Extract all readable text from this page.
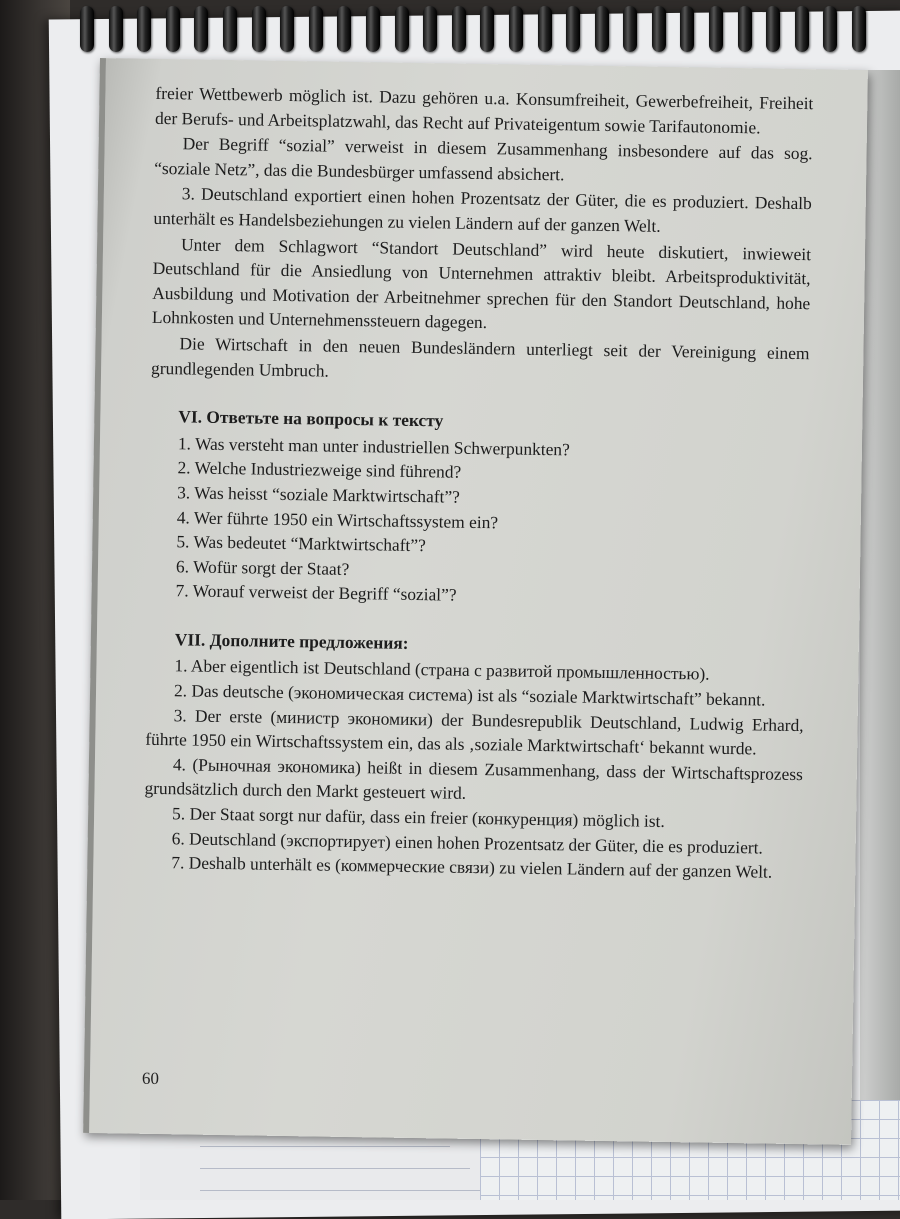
freier Wettbewerb möglich ist. Dazu gehören u.a. Konsumfreiheit, Gewerbefreiheit, Freiheit der Berufs- und Arbeitsplatzwahl, das Recht auf Privateigentum sowie Tarifautonomie.

Der Begriff “sozial” verweist in diesem Zusammenhang insbesondere auf das sog. “soziale Netz”, das die Bundesbürger umfassend absichert.

3. Deutschland exportiert einen hohen Prozentsatz der Güter, die es produziert. Deshalb unterhält es Handelsbeziehungen zu vielen Ländern auf der ganzen Welt.

Unter dem Schlagwort “Standort Deutschland” wird heute diskutiert, inwieweit Deutschland für die Ansiedlung von Unternehmen attraktiv bleibt. Arbeitsproduktivität, Ausbildung und Motivation der Arbeitnehmer sprechen für den Standort Deutschland, hohe Lohnkosten und Unternehmenssteuern dagegen.

Die Wirtschaft in den neuen Bundesländern unterliegt seit der Vereinigung einem grundlegenden Umbruch.

VI. Ответьте на вопросы к тексту
1. Was versteht man unter industriellen Schwerpunkten?
2. Welche Industriezweige sind führend?
3. Was heisst “soziale Marktwirtschaft”?
4. Wer führte 1950 ein Wirtschaftssystem ein?
5. Was bedeutet “Marktwirtschaft”?
6. Wofür sorgt der Staat?
7. Worauf verweist der Begriff “sozial”?
VII. Дополните предложения:
1. Aber eigentlich ist Deutschland (страна с развитой промышленностью).
2. Das deutsche (экономическая система) ist als “soziale Marktwirtschaft” bekannt.
3. Der erste (министр экономики) der Bundesrepublik Deutschland, Ludwig Erhard, führte 1950 ein Wirtschaftssystem ein, das als ‚soziale Marktwirtschaft‘ bekannt wurde.
4. (Рыночная экономика) heißt in diesem Zusammenhang, dass der Wirtschaftsprozess grundsätzlich durch den Markt gesteuert wird.
5. Der Staat sorgt nur dafür, dass ein freier (конкуренция) möglich ist.
6. Deutschland (экспортирует) einen hohen Prozentsatz der Güter, die es produziert.
7. Deshalb unterhält es (коммерческие связи) zu vielen Ländern auf der ganzen Welt.
60
